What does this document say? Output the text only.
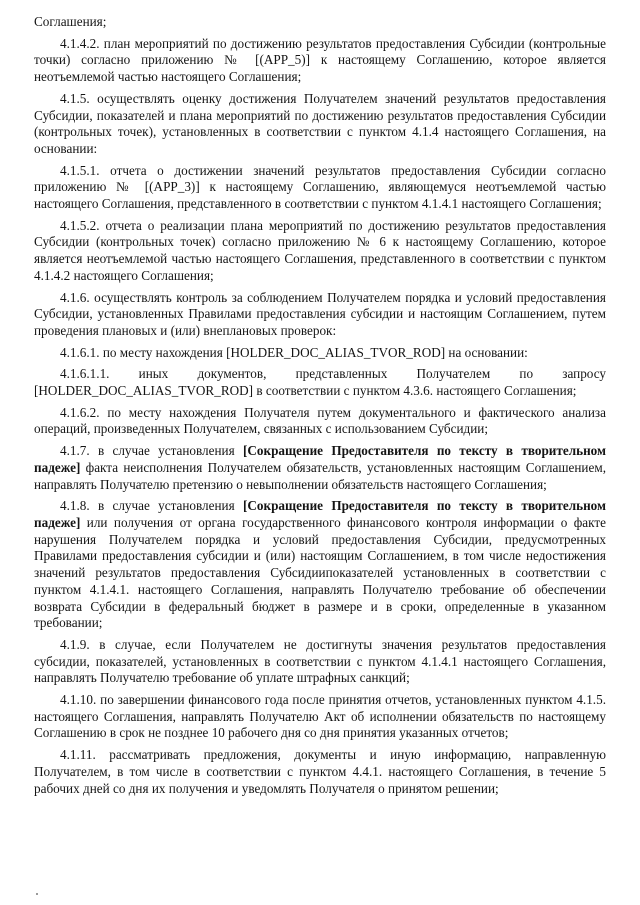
Соглашения;

4.1.4.2. план мероприятий по достижению результатов предоставления Субсидии (контрольные точки) согласно приложению № [(APP_5)] к настоящему Соглашению, которое является неотъемлемой частью настоящего Соглашения;

4.1.5. осуществлять оценку достижения Получателем значений результатов предоставления Субсидии, показателей и плана мероприятий по достижению результатов предоставления Субсидии (контрольных точек), установленных в соответствии с пунктом 4.1.4 настоящего Соглашения, на основании:

4.1.5.1. отчета о достижении значений результатов предоставления Субсидии согласно приложению № [(APP_3)] к настоящему Соглашению, являющемуся неотъемлемой частью настоящего Соглашения, представленного в соответствии с пунктом 4.1.4.1 настоящего Соглашения;

4.1.5.2. отчета о реализации плана мероприятий по достижению результатов предоставления Субсидии (контрольных точек) согласно приложению № 6 к настоящему Соглашению, которое является неотъемлемой частью настоящего Соглашения, представленного в соответствии с пунктом 4.1.4.2 настоящего Соглашения;

4.1.6. осуществлять контроль за соблюдением Получателем порядка и условий предоставления Субсидии, установленных Правилами предоставления субсидии и настоящим Соглашением, путем проведения плановых и (или) внеплановых проверок:

4.1.6.1. по месту нахождения [HOLDER_DOC_ALIAS_TVOR_ROD] на основании:

4.1.6.1.1. иных документов, представленных Получателем по запросу [HOLDER_DOC_ALIAS_TVOR_ROD] в соответствии с пунктом 4.3.6. настоящего Соглашения;

4.1.6.2. по месту нахождения Получателя путем документального и фактического анализа операций, произведенных Получателем, связанных с использованием Субсидии;

4.1.7. в случае установления [Сокращение Предоставителя по тексту в творительном падеже] факта неисполнения Получателем обязательств, установленных настоящим Соглашением, направлять Получателю претензию о невыполнении обязательств настоящего Соглашения;

4.1.8. в случае установления [Сокращение Предоставителя по тексту в творительном падеже] или получения от органа государственного финансового контроля информации о факте нарушения Получателем порядка и условий предоставления Субсидии, предусмотренных Правилами предоставления субсидии и (или) настоящим Соглашением, в том числе недостижения значений результатов предоставления Субсидиипоказателей установленных в соответствии с пунктом 4.1.4.1. настоящего Соглашения, направлять Получателю требование об обеспечении возврата Субсидии в федеральный бюджет в размере и в сроки, определенные в указанном требовании;

4.1.9. в случае, если Получателем не достигнуты значения результатов предоставления субсидии, показателей, установленных в соответствии с пунктом 4.1.4.1 настоящего Соглашения, направлять Получателю требование об уплате штрафных санкций;

4.1.10. по завершении финансового года после принятия отчетов, установленных пунктом 4.1.5. настоящего Соглашения, направлять Получателю Акт об исполнении обязательств по настоящему Соглашению в срок не позднее 10 рабочего дня со дня принятия указанных отчетов;

4.1.11. рассматривать предложения, документы и иную информацию, направленную Получателем, в том числе в соответствии с пунктом 4.4.1. настоящего Соглашения, в течение 5 рабочих дней со дня их получения и уведомлять Получателя о принятом решении;
